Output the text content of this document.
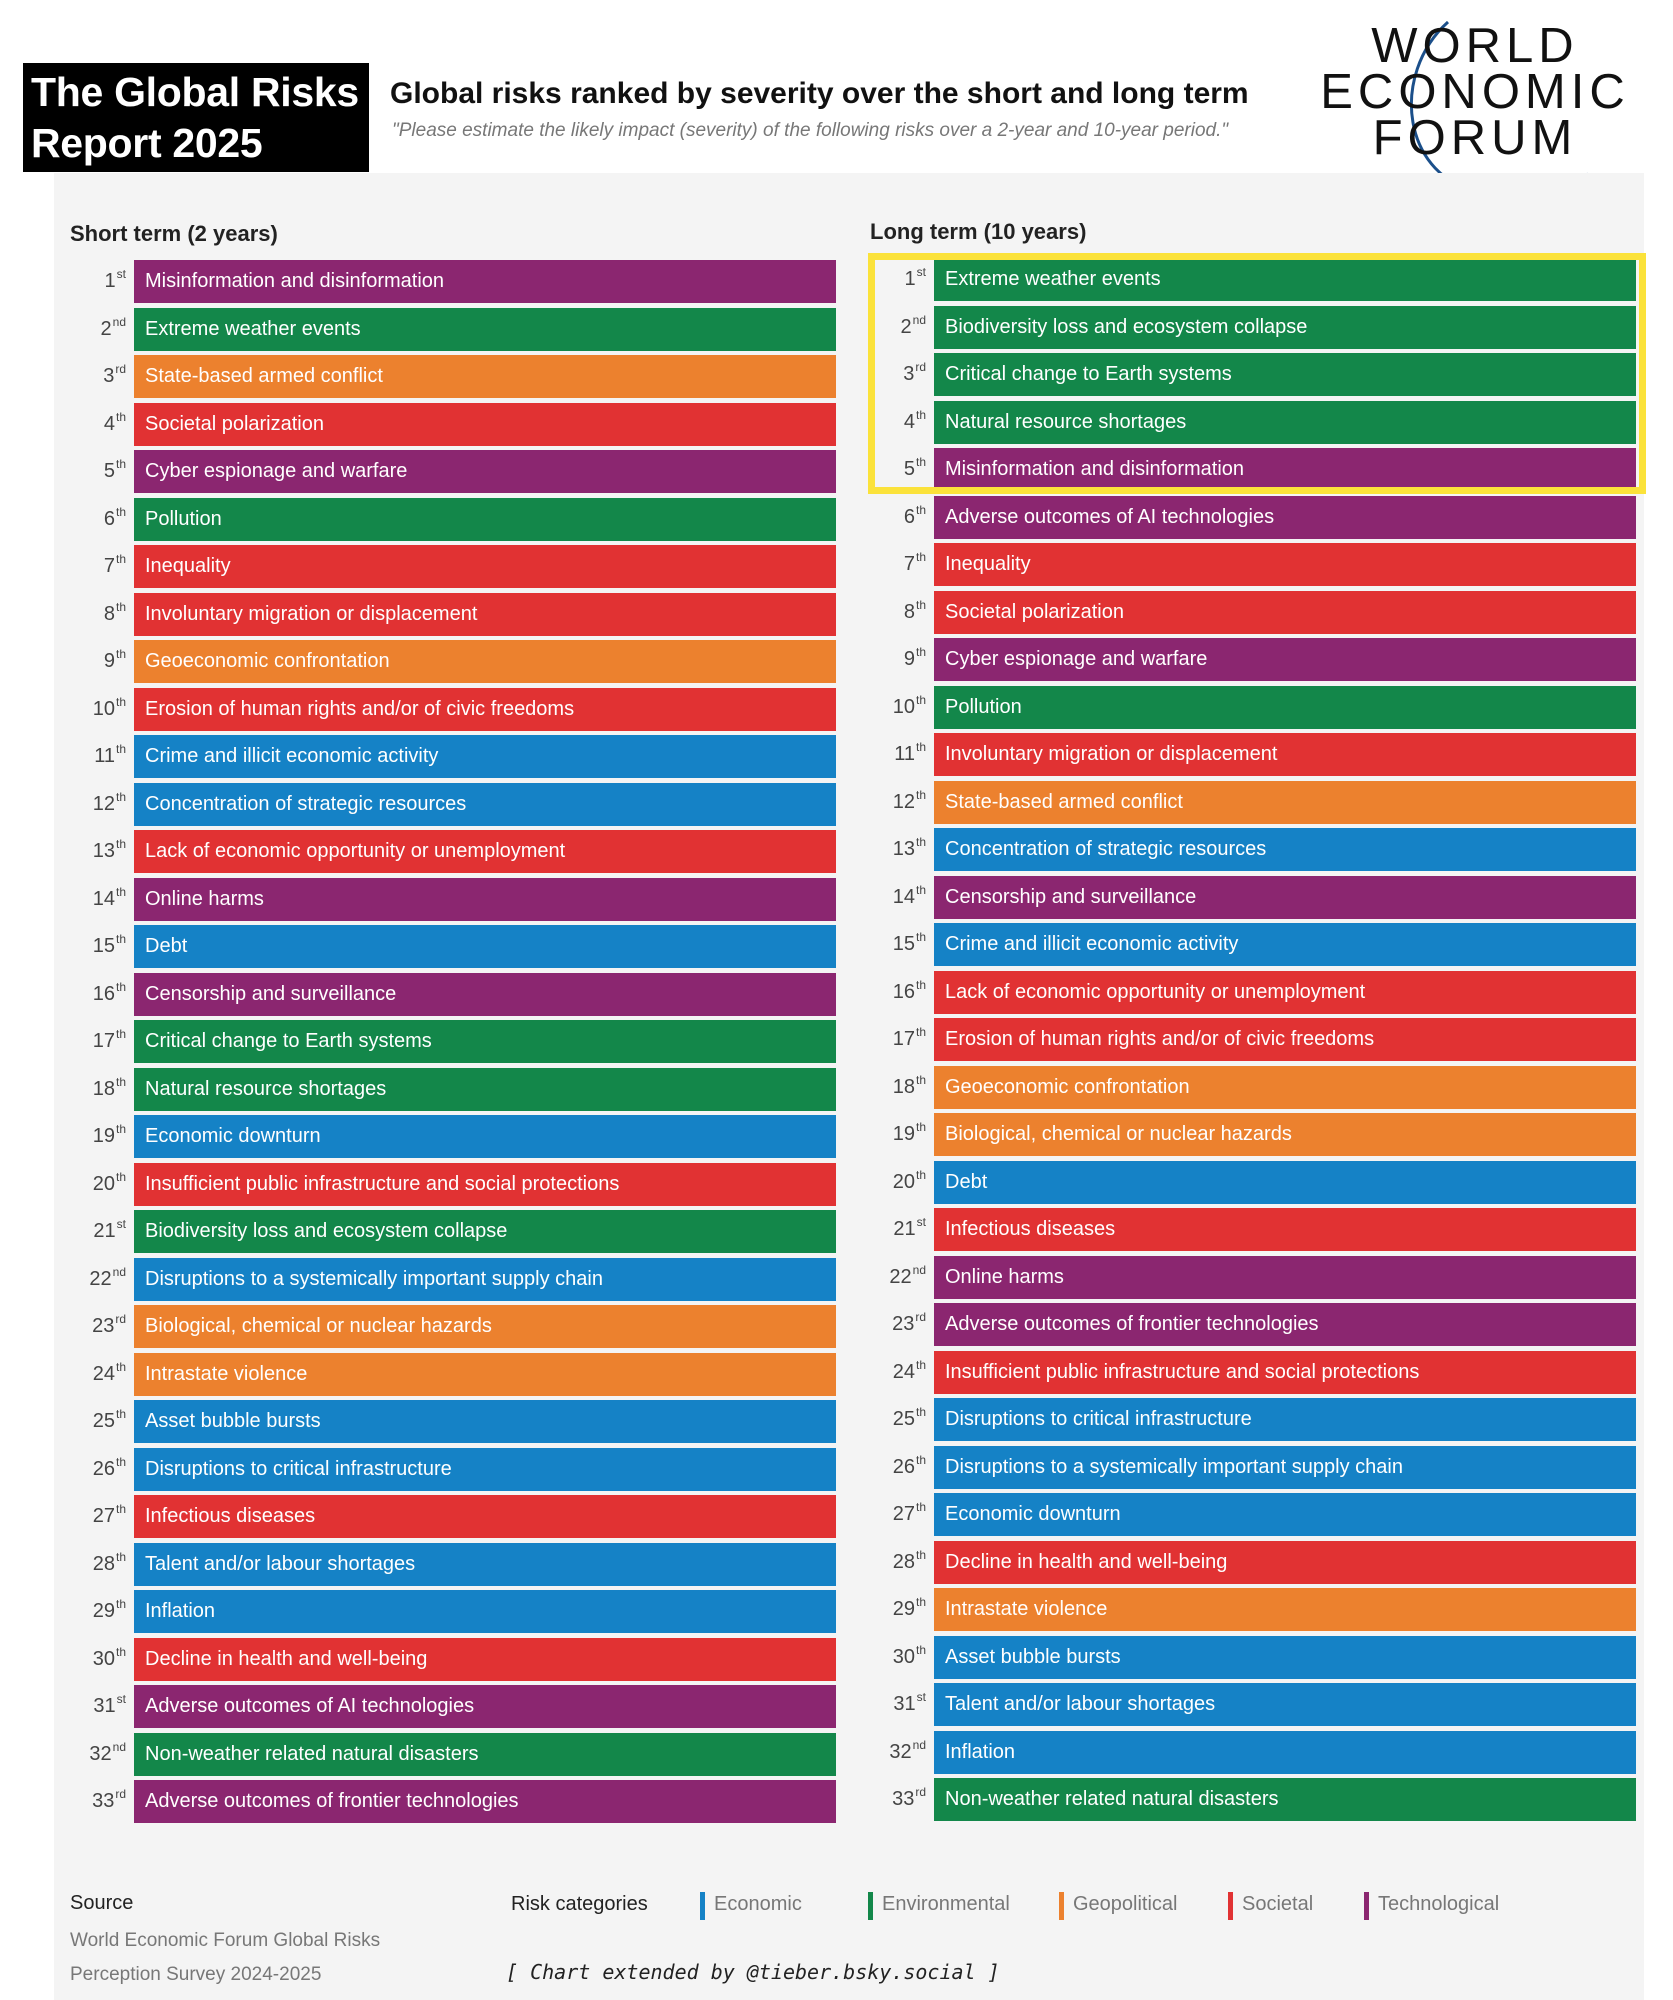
The Global Risks
Report 2025
Global risks ranked by severity over the short and long term
"Please estimate the likely impact (severity) of the following risks over a 2-year and 10-year period."
WORLD
ECONOMIC
FORUM
Short term (2 years)	Long term (10 years)
1st Misinformation and disinformation
2nd Extreme weather events
3rd State-based armed conflict
4th Societal polarization
5th Cyber espionage and warfare
6th Pollution
7th Inequality
8th Involuntary migration or displacement
9th Geoeconomic confrontation
10th Erosion of human rights and/or of civic freedoms
11th Crime and illicit economic activity
12th Concentration of strategic resources
13th Lack of economic opportunity or unemployment
14th Online harms
15th Debt
16th Censorship and surveillance
17th Critical change to Earth systems
18th Natural resource shortages
19th Economic downturn
20th Insufficient public infrastructure and social protections
21st Biodiversity loss and ecosystem collapse
22nd Disruptions to a systemically important supply chain
23rd Biological, chemical or nuclear hazards
24th Intrastate violence
25th Asset bubble bursts
26th Disruptions to critical infrastructure
27th Infectious diseases
28th Talent and/or labour shortages
29th Inflation
30th Decline in health and well-being
31st Adverse outcomes of AI technologies
32nd Non-weather related natural disasters
33rd Adverse outcomes of frontier technologies
1st Extreme weather events
2nd Biodiversity loss and ecosystem collapse
3rd Critical change to Earth systems
4th Natural resource shortages
5th Misinformation and disinformation
6th Adverse outcomes of AI technologies
7th Inequality
8th Societal polarization
9th Cyber espionage and warfare
10th Pollution
11th Involuntary migration or displacement
12th State-based armed conflict
13th Concentration of strategic resources
14th Censorship and surveillance
15th Crime and illicit economic activity
16th Lack of economic opportunity or unemployment
17th Erosion of human rights and/or of civic freedoms
18th Geoeconomic confrontation
19th Biological, chemical or nuclear hazards
20th Debt
21st Infectious diseases
22nd Online harms
23rd Adverse outcomes of frontier technologies
24th Insufficient public infrastructure and social protections
25th Disruptions to critical infrastructure
26th Disruptions to a systemically important supply chain
27th Economic downturn
28th Decline in health and well-being
29th Intrastate violence
30th Asset bubble bursts
31st Talent and/or labour shortages
32nd Inflation
33rd Non-weather related natural disasters
Source
World Economic Forum Global Risks
Perception Survey 2024-2025
Risk categories	Economic	Environmental	Geopolitical	Societal	Technological
[ Chart extended by @tieber.bsky.social ]
